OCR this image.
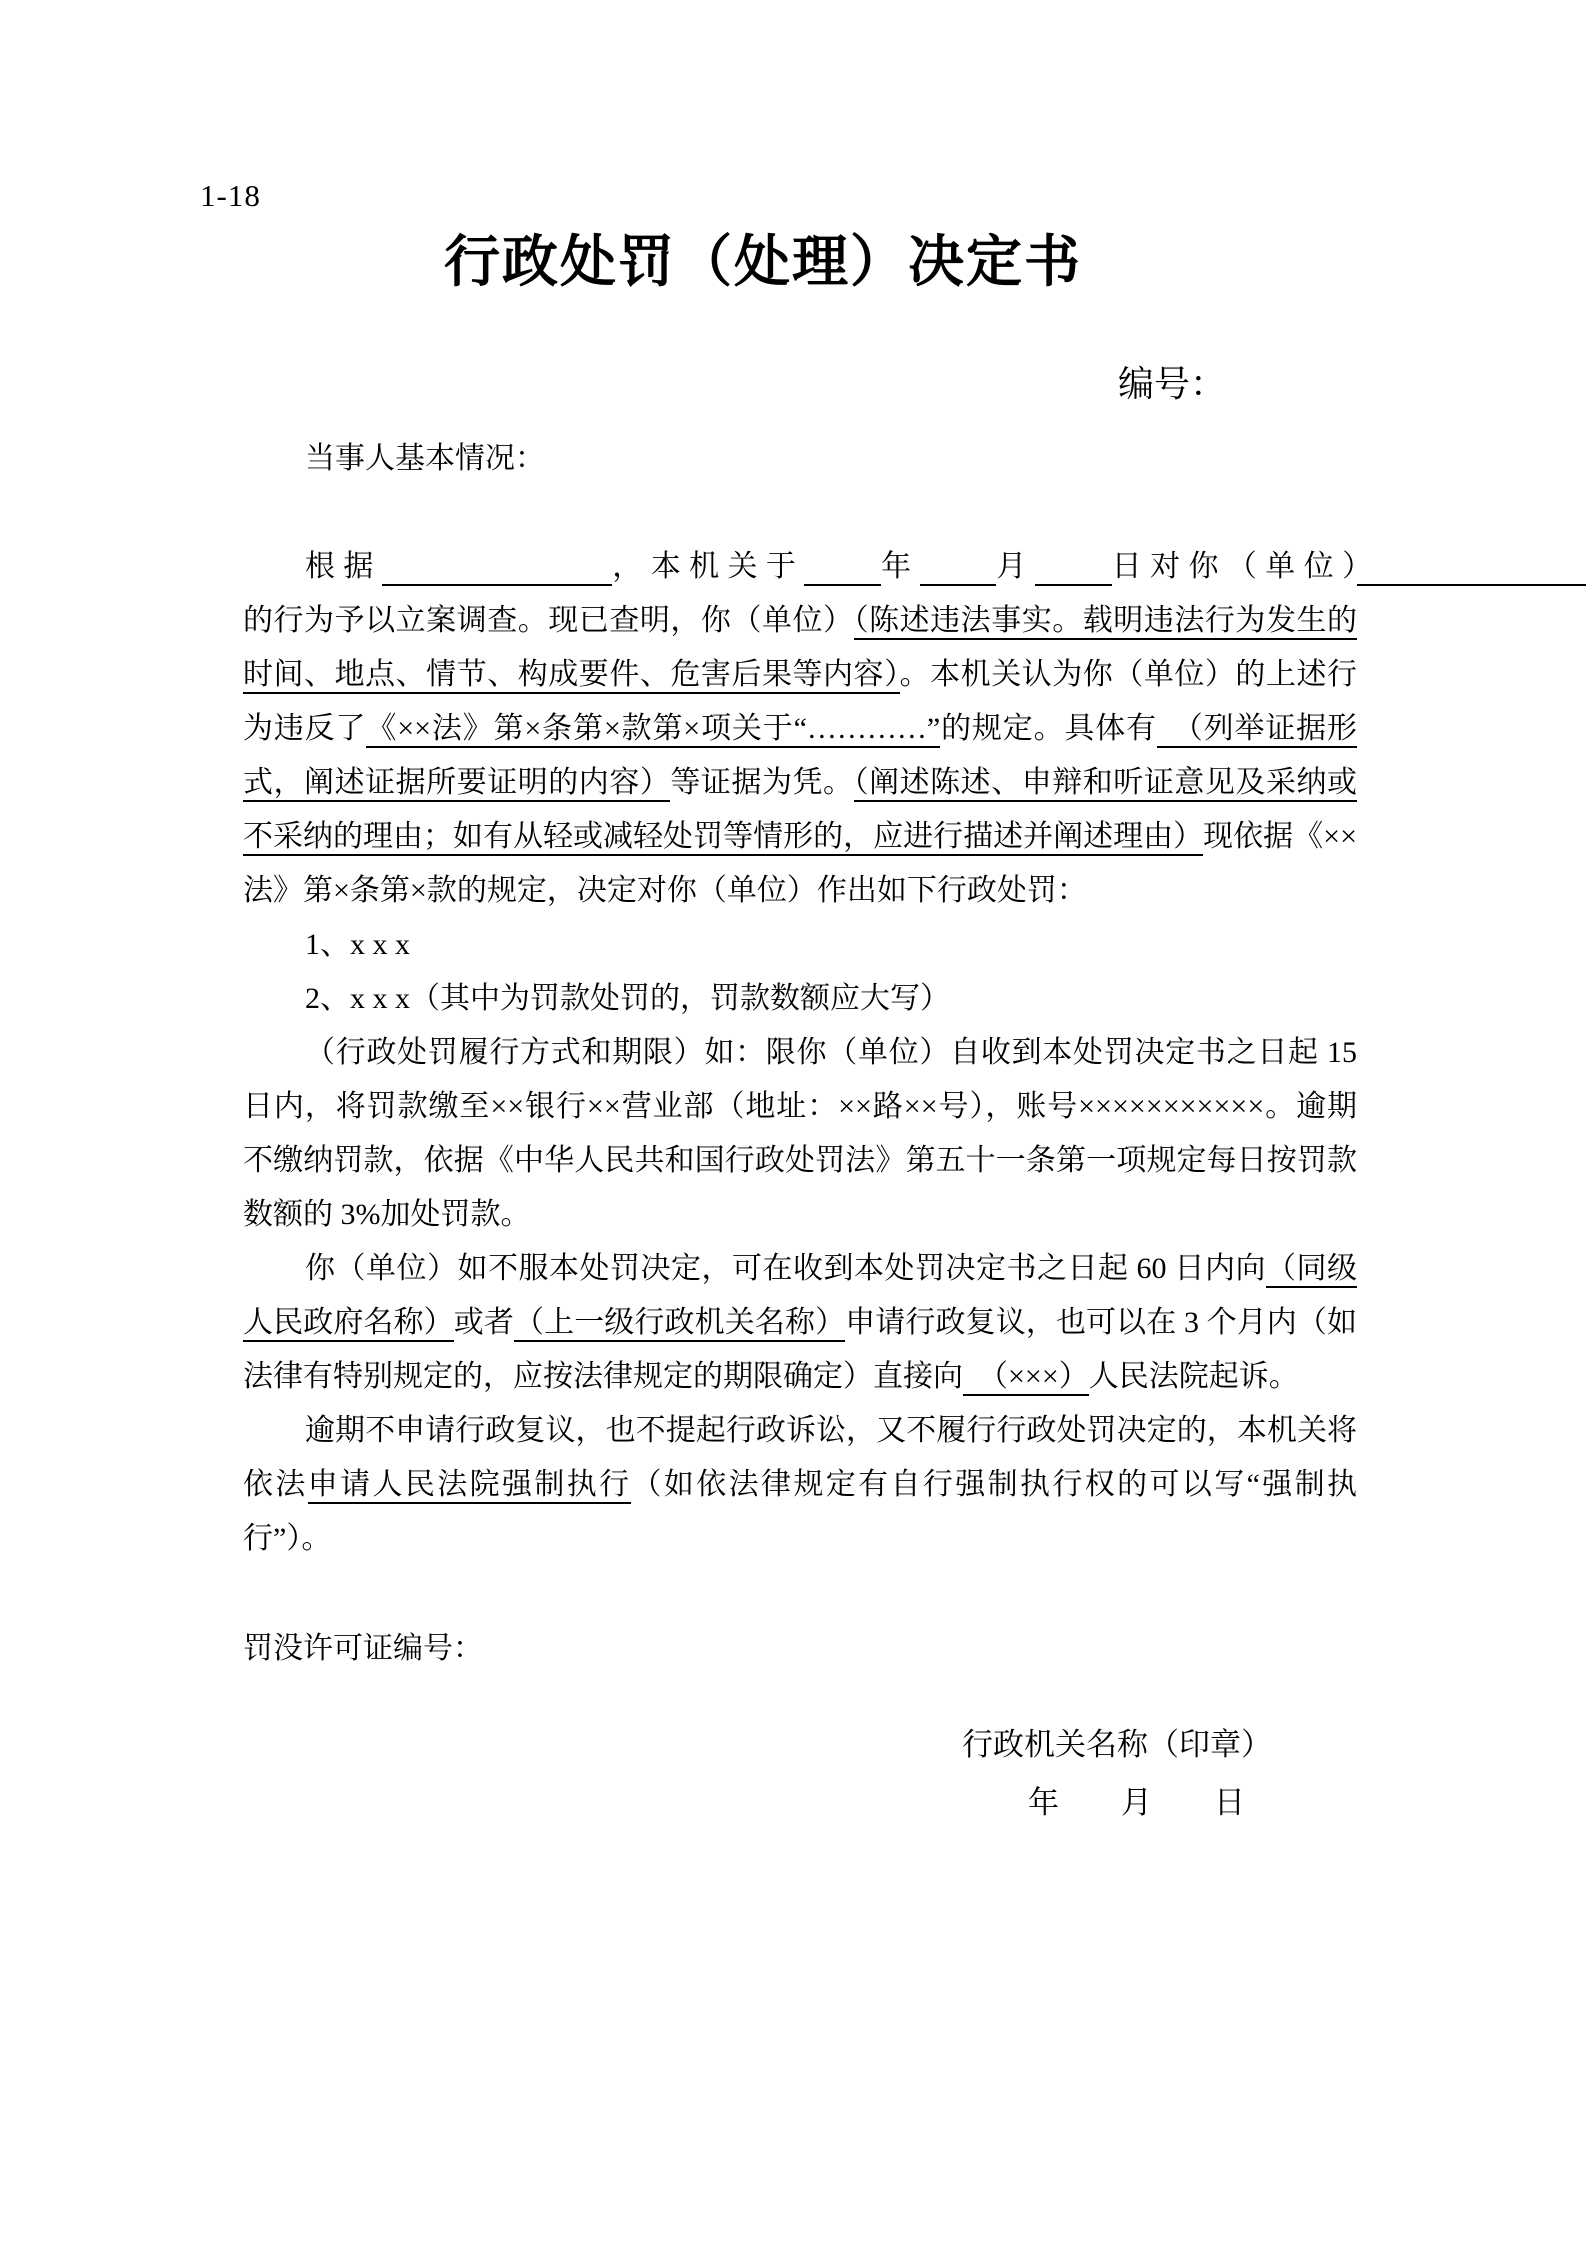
1-18
行政处罚（处理）决定书
编号：

当事人基本情况：

根据　　　　　　	，本机关于　　	年　　	月　　	日对你（单位）　　　　　　　　　　　　　　　　　　　　　　　的行为予以立案调查。现已查明，你（单位）（陈述违法事实。载明违法行为发生的时间、地点、情节、构成要件、危害后果等内容）。本机关认为你（单位）的上述行为违反了《××法》第×条第×款第×项关于“…………”的规定。具体有　（列举证据形式，阐述证据所要证明的内容）等证据为凭。（阐述陈述、申辩和听证意见及采纳或不采纳的理由；如有从轻或减轻处罚等情形的，应进行描述并阐述理由）现依据《××法》第×条第×款的规定，决定对你（单位）作出如下行政处罚：

1、x x x

2、x x x（其中为罚款处罚的，罚款数额应大写）

（行政处罚履行方式和期限）如：限你（单位）自收到本处罚决定书之日起 15 日内，将罚款缴至××银行××营业部（地址：××路××号），账号×××××××××××。逾期不缴纳罚款，依据《中华人民共和国行政处罚法》第五十一条第一项规定每日按罚款数额的 3%加处罚款。

你（单位）如不服本处罚决定，可在收到本处罚决定书之日起 60 日内向（同级人民政府名称）或者（上一级行政机关名称）申请行政复议，也可以在 3 个月内（如法律有特别规定的，应按法律规定的期限确定）直接向　（×××）人民法院起诉。

逾期不申请行政复议，也不提起行政诉讼，又不履行行政处罚决定的，本机关将依法申请人民法院强制执行（如依法律规定有自行强制执行权的可以写“强制执行”）。

罚没许可证编号：

行政机关名称（印章）
年　　月　　日
